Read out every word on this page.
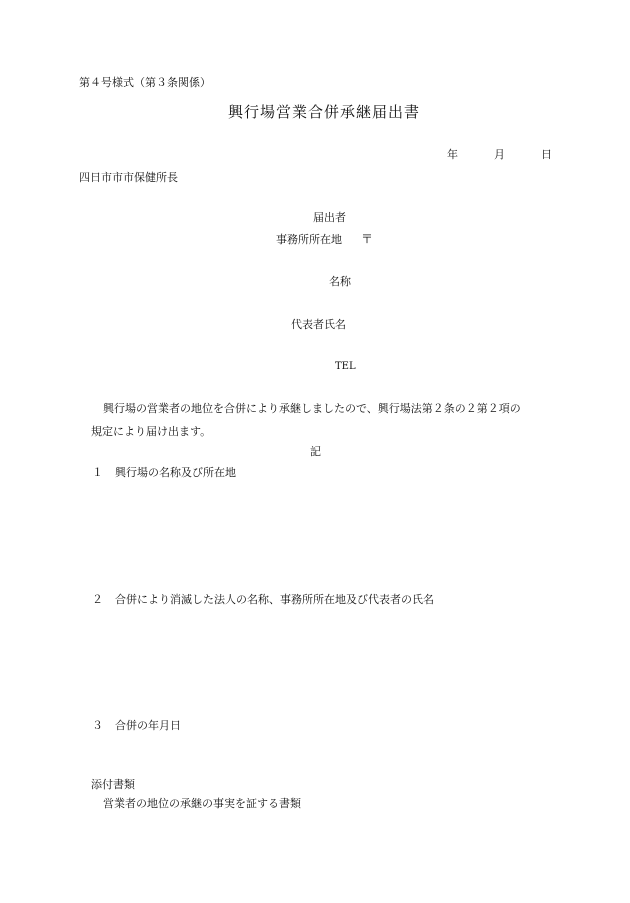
第４号様式（第３条関係）
興行場営業合併承継届出書
年	月	日
四日市市市保健所長
届出者
事務所所在地 〒
名称
代表者氏名
TEL
興行場の営業者の地位を合併により承継しましたので、興行場法第２条の２第２項の
規定により届け出ます。
記
１ 興行場の名称及び所在地
２ 合併により消滅した法人の名称、事務所所在地及び代表者の氏名
３ 合併の年月日
添付書類
営業者の地位の承継の事実を証する書類
